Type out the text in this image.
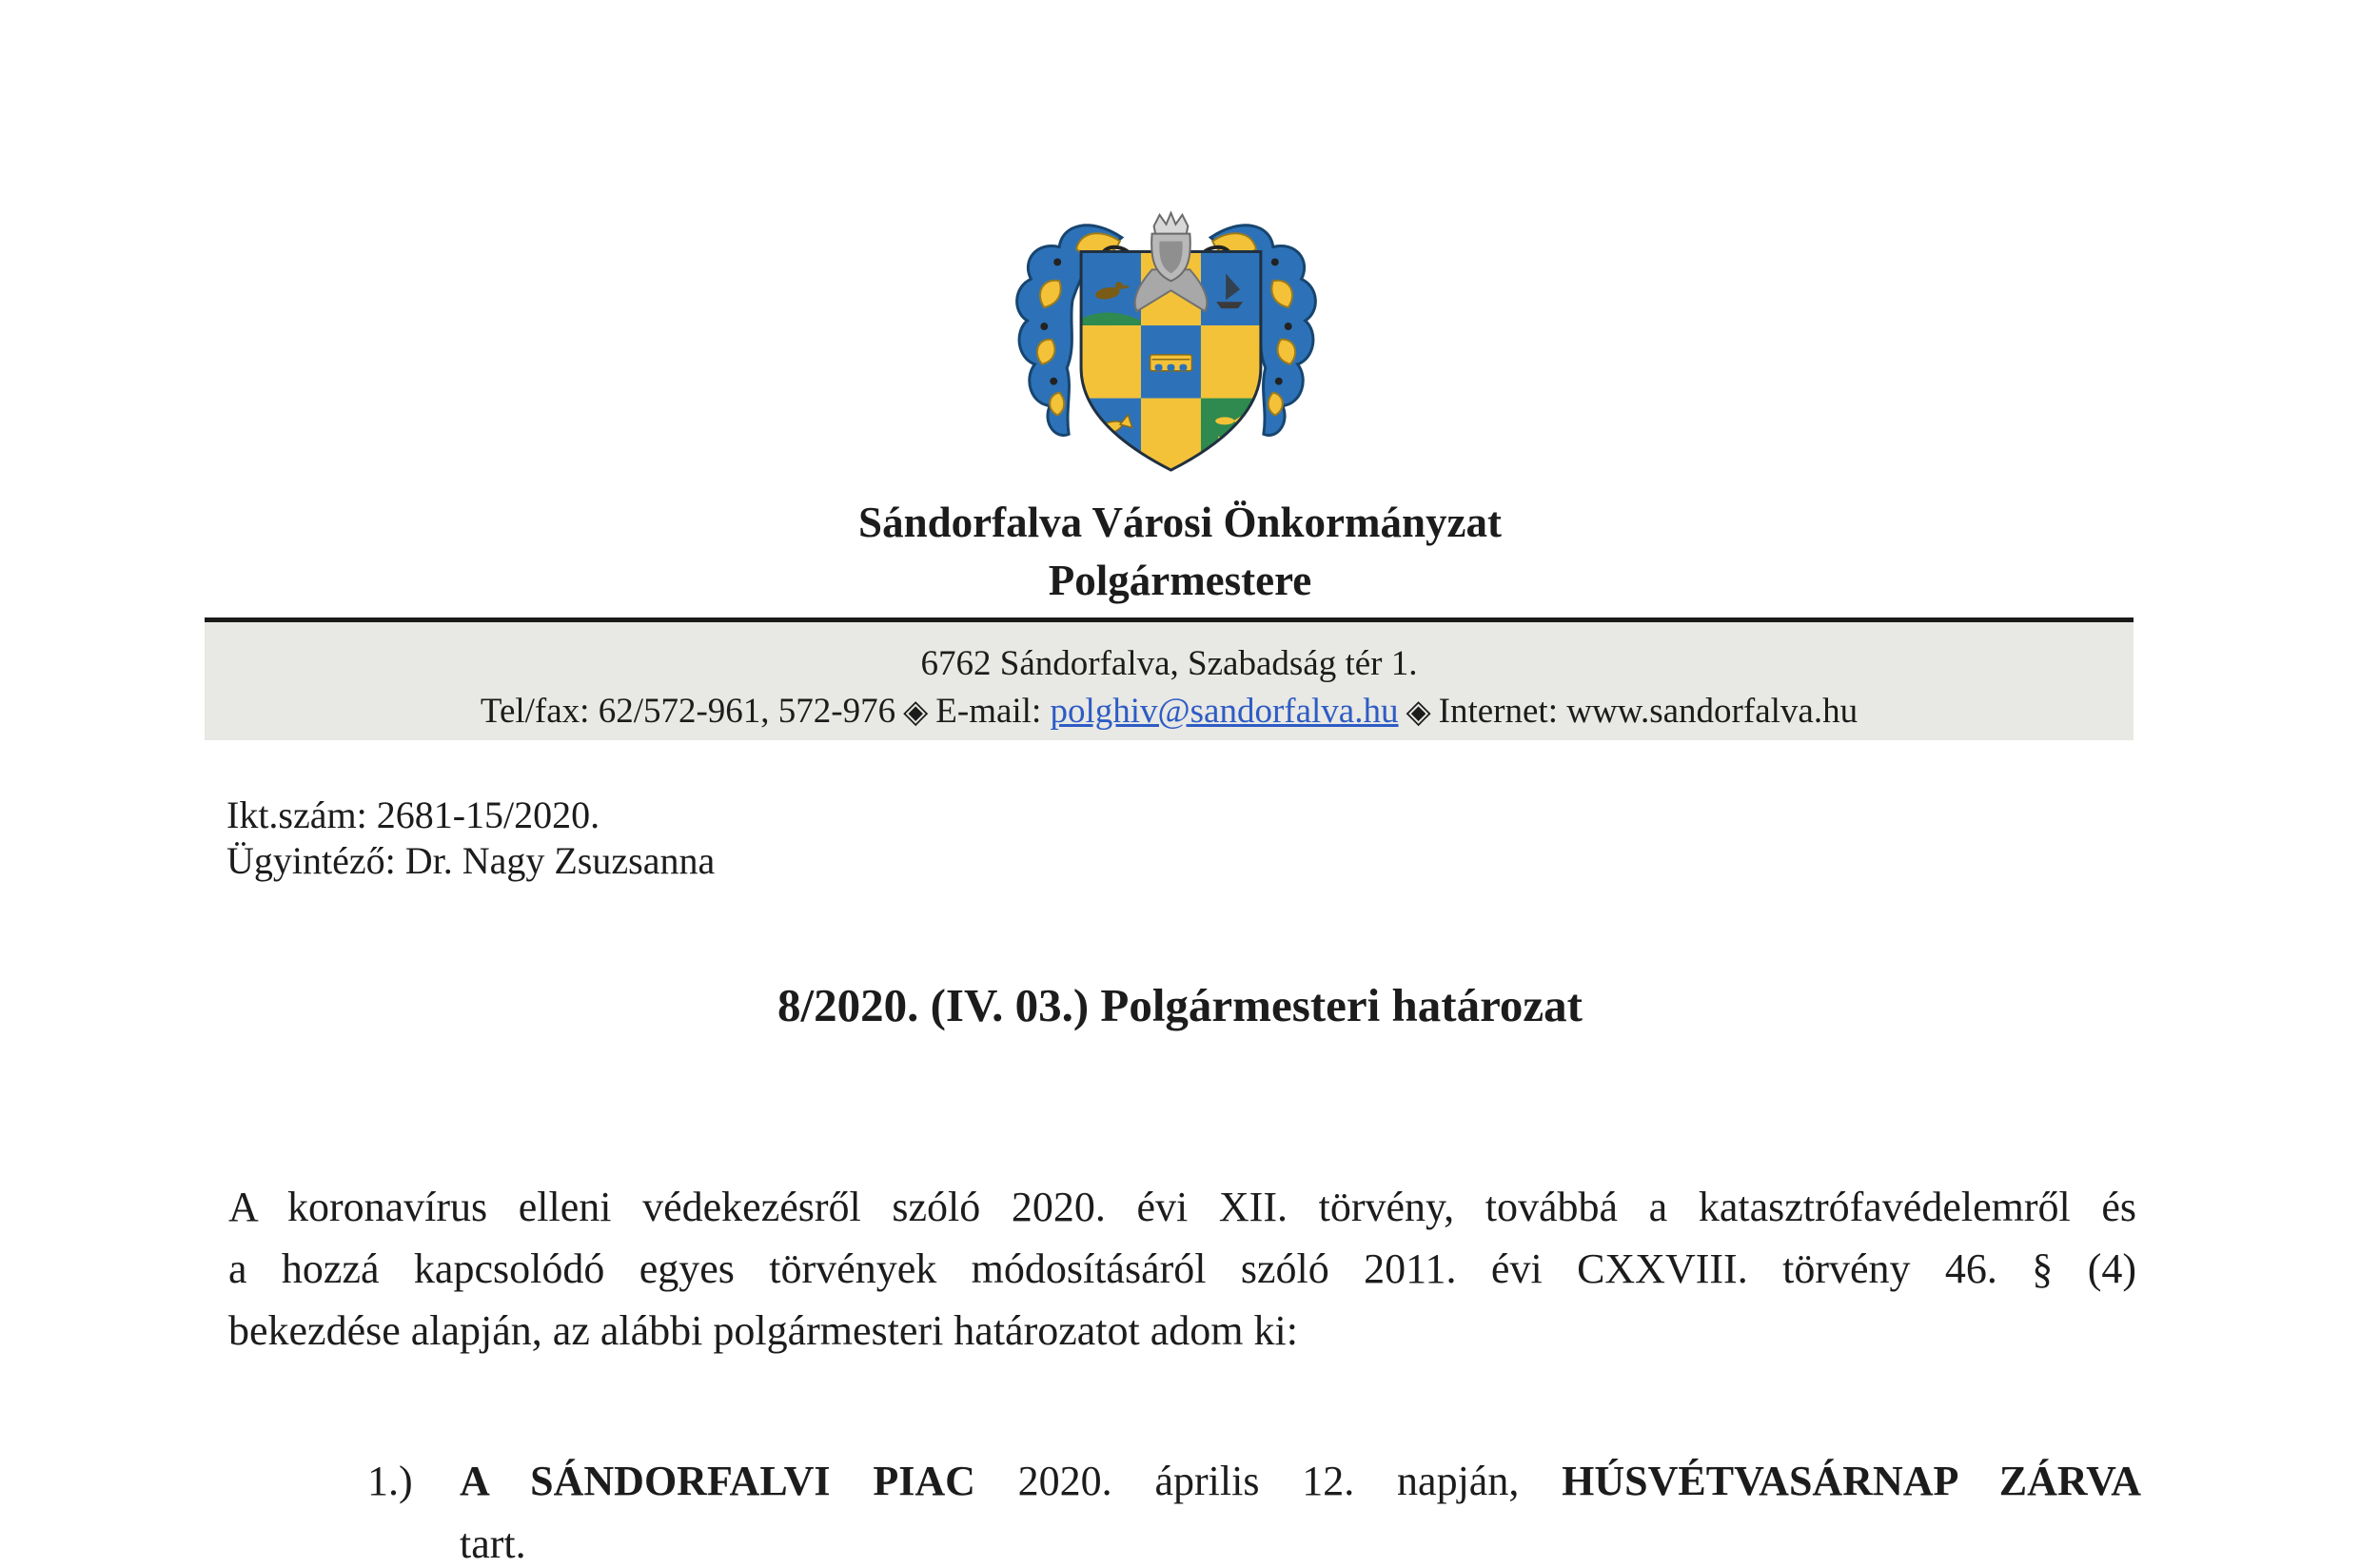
Sándorfalva Városi Önkormányzat
Polgármestere
6762 Sándorfalva, Szabadság tér 1.
Tel/fax: 62/572-961, 572-976 ◈ E-mail: polghiv@sandorfalva.hu ◈ Internet: www.sandorfalva.hu
Ikt.szám: 2681-15/2020.
Ügyintéző: Dr. Nagy Zsuzsanna
8/2020. (IV. 03.) Polgármesteri határozat
A koronavírus elleni védekezésről szóló 2020. évi XII. törvény, továbbá a katasztrófavédelemről és
a hozzá kapcsolódó egyes törvények módosításáról szóló 2011. évi CXXVIII. törvény 46. § (4)
bekezdése alapján, az alábbi polgármesteri határozatot adom ki:
1.) A SÁNDORFALVI PIAC 2020. április 12. napján, HÚSVÉTVASÁRNAP ZÁRVA
tart.
